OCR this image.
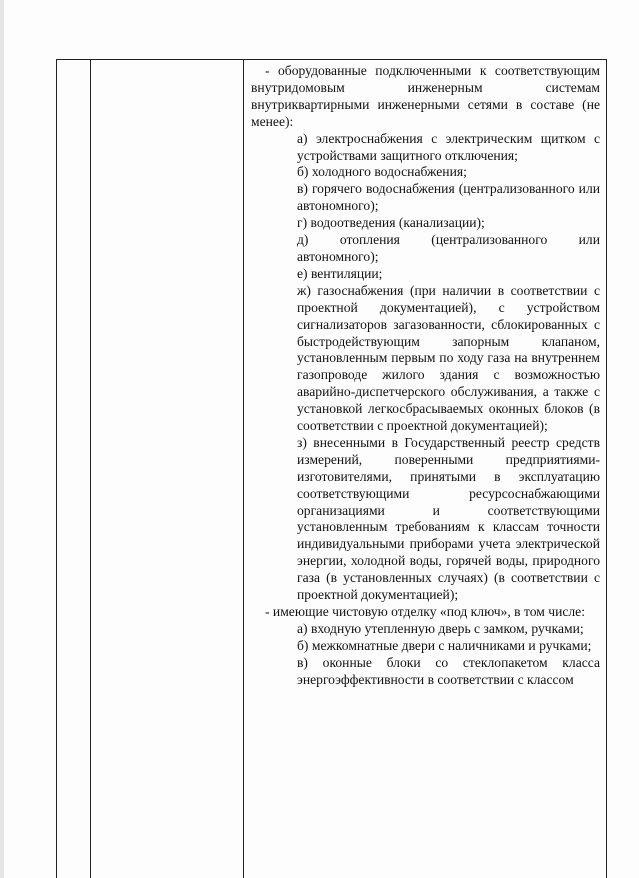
- оборудованные подключенными к соответствующим внутридомовым инженерным системам внутриквартирными инженерными сетями в составе (не менее):

а) электроснабжения с электрическим щитком с устройствами защитного отключения;

б) холодного водоснабжения;

в) горячего водоснабжения (централизованного или автономного);

г) водоотведения (канализации);

д) отопления (централизованного или автономного);

е) вентиляции;

ж) газоснабжения (при наличии в соответствии с проектной документацией), с устройством сигнализаторов загазованности, сблокированных с быстродействующим запорным клапаном, установленным первым по ходу газа на внутреннем газопроводе жилого здания с возможностью аварийно-диспетчерского обслуживания, а также с установкой легкосбрасываемых оконных блоков (в соответствии с проектной документацией);

з) внесенными в Государственный реестр средств измерений, поверенными предприятиями-изготовителями, принятыми в эксплуатацию соответствующими ресурсоснабжающими организациями и соответствующими установленным требованиям к классам точности индивидуальными приборами учета электрической энергии, холодной воды, горячей воды, природного газа (в установленных случаях) (в соответствии с проектной документацией);

- имеющие чистовую отделку «под ключ», в том числе:

а) входную утепленную дверь с замком, ручками;

б) межкомнатные двери с наличниками и ручками;

в) оконные блоки со стеклопакетом класса энергоэффективности в соответствии с классом
